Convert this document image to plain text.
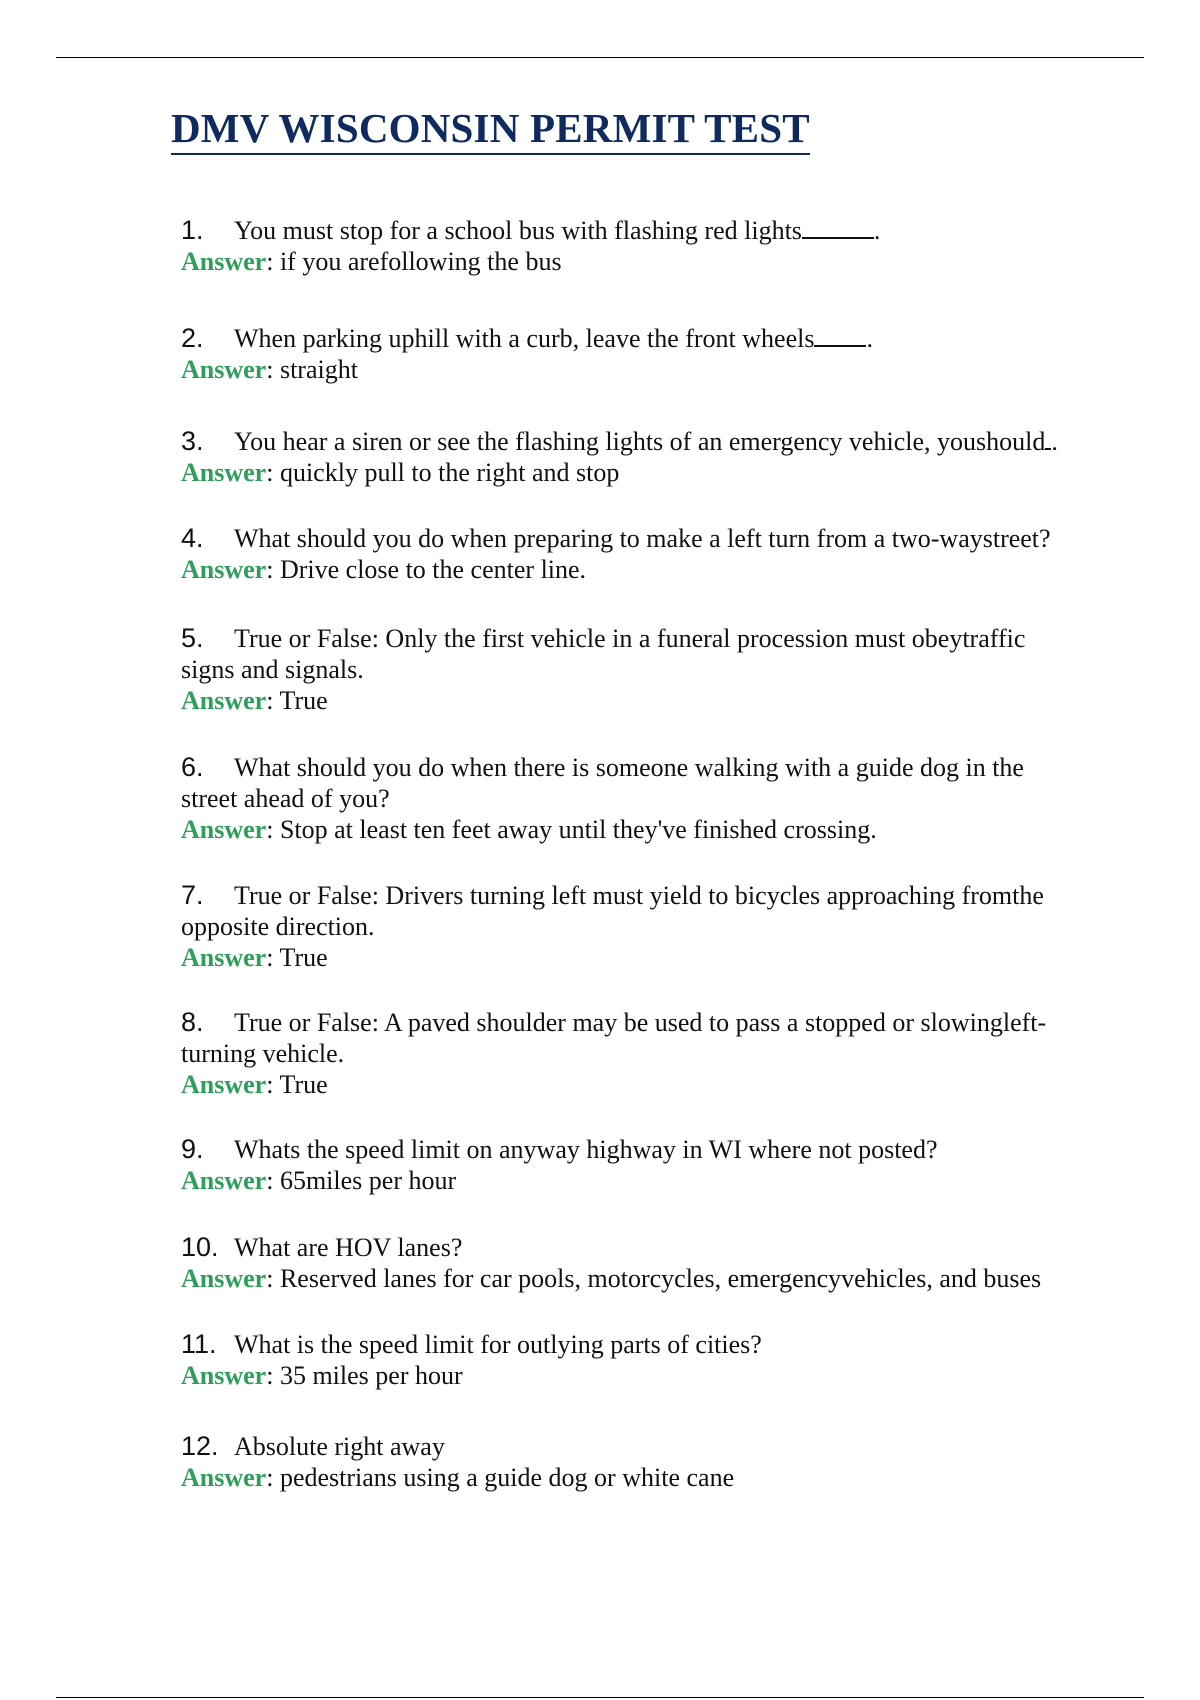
DMV WISCONSIN PERMIT TEST
1. You must stop for a school bus with flashing red lights	.
Answer: if you arefollowing the bus
2. When parking uphill with a curb, leave the front wheels .
Answer: straight
3. You hear a siren or see the flashing lights of an emergency vehicle, youshould .
Answer: quickly pull to the right and stop
4. What should you do when preparing to make a left turn from a two-waystreet?
Answer: Drive close to the center line.
5. True or False: Only the first vehicle in a funeral procession must obeytraffic
signs and signals.
Answer: True
6. What should you do when there is someone walking with a guide dog in the
street ahead of you?
Answer: Stop at least ten feet away until they've finished crossing.
7. True or False: Drivers turning left must yield to bicycles approaching fromthe
opposite direction.
Answer: True
8. True or False: A paved shoulder may be used to pass a stopped or slowingleft-
turning vehicle.
Answer: True
9. Whats the speed limit on anyway highway in WI where not posted?
Answer: 65miles per hour
10. What are HOV lanes?
Answer: Reserved lanes for car pools, motorcycles, emergencyvehicles, and buses
11. What is the speed limit for outlying parts of cities?
Answer: 35 miles per hour
12. Absolute right away
Answer: pedestrians using a guide dog or white cane
